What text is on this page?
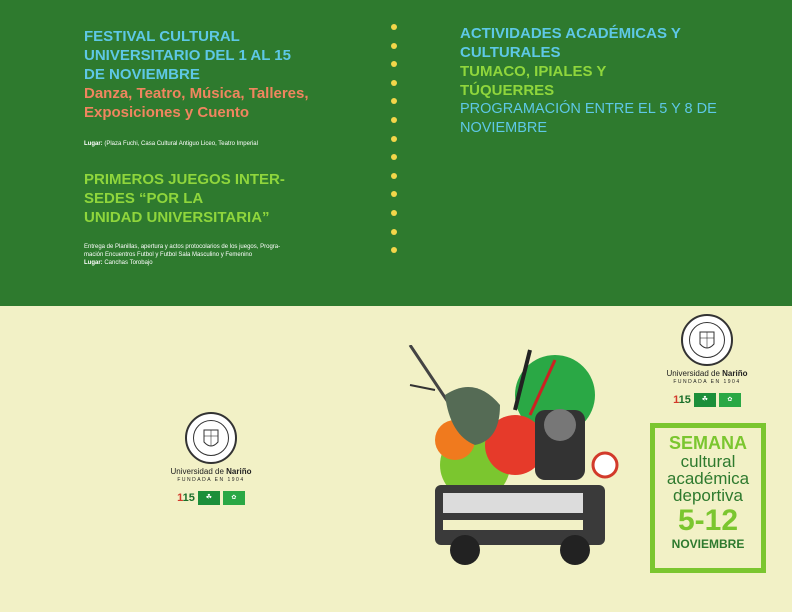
FESTIVAL CULTURAL
UNIVERSITARIO DEL 1 AL 15
DE NOVIEMBRE
Danza, Teatro, Música, Talleres,
Exposiciones y Cuento
Lugar: (Plaza Fuchi, Casa Cultural Antiguo Liceo, Teatro Imperial
PRIMEROS JUEGOS INTER-
SEDES “POR LA
UNIDAD UNIVERSITARIA”
Entrega de Planillas, apertura y actos protocolarios de los juegos, Progra-
mación Encuentros Futbol y Futbol Sala Masculino y Femenino
Lugar: Canchas Torobajo
ACTIVIDADES ACADÉMICAS Y
CULTURALES
TUMACO, IPIALES Y
TÚQUERRES
PROGRAMACIÓN ENTRE EL 5 Y 8 DE
NOVIEMBRE
Universidad de Nariño
FUNDADA EN 1904
115	☘	✿
Universidad de Nariño
FUNDADA EN 1904
115	☘	✿
SEMANA
cultural
académica
deportiva
5-12
NOVIEMBRE
